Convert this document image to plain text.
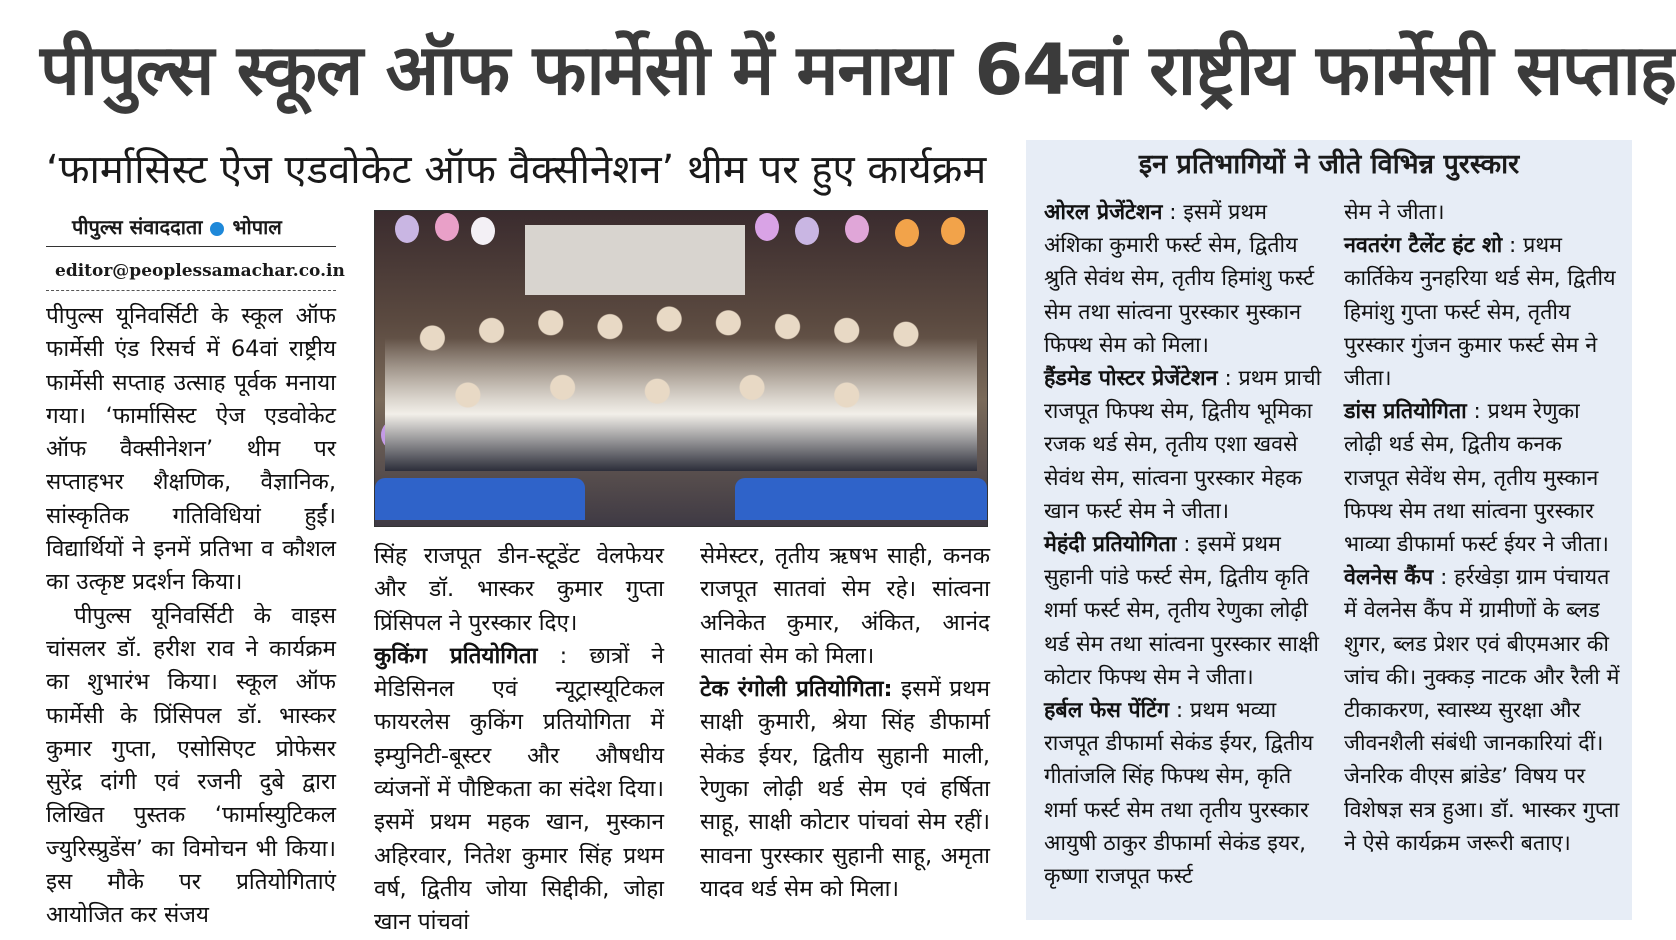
पीपुल्स स्कूल ऑफ फार्मेसी में मनाया 64वां राष्ट्रीय फार्मेसी सप्ताह
‘फार्मासिस्ट ऐज एडवोकेट ऑफ वैक्सीनेशन’ थीम पर हुए कार्यक्रम
पीपुल्स संवाददाता भोपाल
editor@peoplessamachar.co.in

पीपुल्स यूनिवर्सिटी के स्कूल ऑफ फार्मेसी एंड रिसर्च में 64वां राष्ट्रीय फार्मेसी सप्ताह उत्साह पूर्वक मनाया गया। ‘फार्मासिस्ट ऐज एडवोकेट ऑफ वैक्सीनेशन’ थीम पर सप्ताहभर शैक्षणिक, वैज्ञानिक, सांस्कृतिक गतिविधियां हुईं। विद्यार्थियों ने इनमें प्रतिभा व कौशल का उत्कृष्ट प्रदर्शन किया।

पीपुल्स यूनिवर्सिटी के वाइस चांसलर डॉ. हरीश राव ने कार्यक्रम का शुभारंभ किया। स्कूल ऑफ फार्मेसी के प्रिंसिपल डॉ. भास्कर कुमार गुप्ता, एसोसिएट प्रोफेसर सुरेंद्र दांगी एवं रजनी दुबे द्वारा लिखित पुस्तक ‘फार्मास्युटिकल ज्युरिस्प्रुडेंस’ का विमोचन भी किया। इस मौके पर प्रतियोगिताएं आयोजित कर संजय

सिंह राजपूत डीन-स्टूडेंट वेलफेयर और डॉ. भास्कर कुमार गुप्ता प्रिंसिपल ने पुरस्कार दिए।

कुकिंग प्रतियोगिता : छात्रों ने मेडिसिनल एवं न्यूट्रास्यूटिकल फायरलेस कुकिंग प्रतियोगिता में इम्युनिटी-बूस्टर और औषधीय व्यंजनों में पौष्टिकता का संदेश दिया। इसमें प्रथम महक खान, मुस्कान अहिरवार, नितेश कुमार सिंह प्रथम वर्ष, द्वितीय जोया सिद्दीकी, जोहा खान पांचवां

सेमेस्टर, तृतीय ऋषभ साही, कनक राजपूत सातवां सेम रहे। सांत्वना अनिकेत कुमार, अंकित, आनंद सातवां सेम को मिला।

टेक रंगोली प्रतियोगिता: इसमें प्रथम साक्षी कुमारी, श्रेया सिंह डीफार्मा सेकंड ईयर, द्वितीय सुहानी माली, रेणुका लोढ़ी थर्ड सेम एवं हर्षिता साहू, साक्षी कोटार पांचवां सेम रहीं। सावना पुरस्कार सुहानी साहू, अमृता यादव थर्ड सेम को मिला।

इन प्रतिभागियों ने जीते विभिन्न पुरस्कार

ओरल प्रेजेंटेशन : इसमें प्रथम अंशिका कुमारी फर्स्ट सेम, द्वितीय श्रुति सेवंथ सेम, तृतीय हिमांशु फर्स्ट सेम तथा सांत्वना पुरस्कार मुस्कान फिफ्थ सेम को मिला।

हैंडमेड पोस्टर प्रेजेंटेशन : प्रथम प्राची राजपूत फिफ्थ सेम, द्वितीय भूमिका रजक थर्ड सेम, तृतीय एशा खवसे सेवंथ सेम, सांत्वना पुरस्कार मेहक खान फर्स्ट सेम ने जीता।

मेहंदी प्रतियोगिता : इसमें प्रथम सुहानी पांडे फर्स्ट सेम, द्वितीय कृति शर्मा फर्स्ट सेम, तृतीय रेणुका लोढ़ी थर्ड सेम तथा सांत्वना पुरस्कार साक्षी कोटार फिफ्थ सेम ने जीता।

हर्बल फेस पेंटिंग : प्रथम भव्या राजपूत डीफार्मा सेकंड ईयर, द्वितीय गीतांजलि सिंह फिफ्थ सेम, कृति शर्मा फर्स्ट सेम तथा तृतीय पुरस्कार आयुषी ठाकुर डीफार्मा सेकंड इयर, कृष्णा राजपूत फर्स्ट

सेम ने जीता।

नवतरंग टैलेंट हंट शो : प्रथम कार्तिकेय नुनहरिया थर्ड सेम, द्वितीय हिमांशु गुप्ता फर्स्ट सेम, तृतीय पुरस्कार गुंजन कुमार फर्स्ट सेम ने जीता।

डांस प्रतियोगिता : प्रथम रेणुका लोढ़ी थर्ड सेम, द्वितीय कनक राजपूत सेवेंथ सेम, तृतीय मुस्कान फिफ्थ सेम तथा सांत्वना पुरस्कार भाव्या डीफार्मा फर्स्ट ईयर ने जीता।

वेलनेस कैंप : हर्रखेड़ा ग्राम पंचायत में वेलनेस कैंप में ग्रामीणों के ब्लड शुगर, ब्लड प्रेशर एवं बीएमआर की जांच की। नुक्कड़ नाटक और रैली में टीकाकरण, स्वास्थ्य सुरक्षा और जीवनशैली संबंधी जानकारियां दीं। जेनरिक वीएस ब्रांडेड’ विषय पर विशेषज्ञ सत्र हुआ। डॉ. भास्कर गुप्ता ने ऐसे कार्यक्रम जरूरी बताए।
